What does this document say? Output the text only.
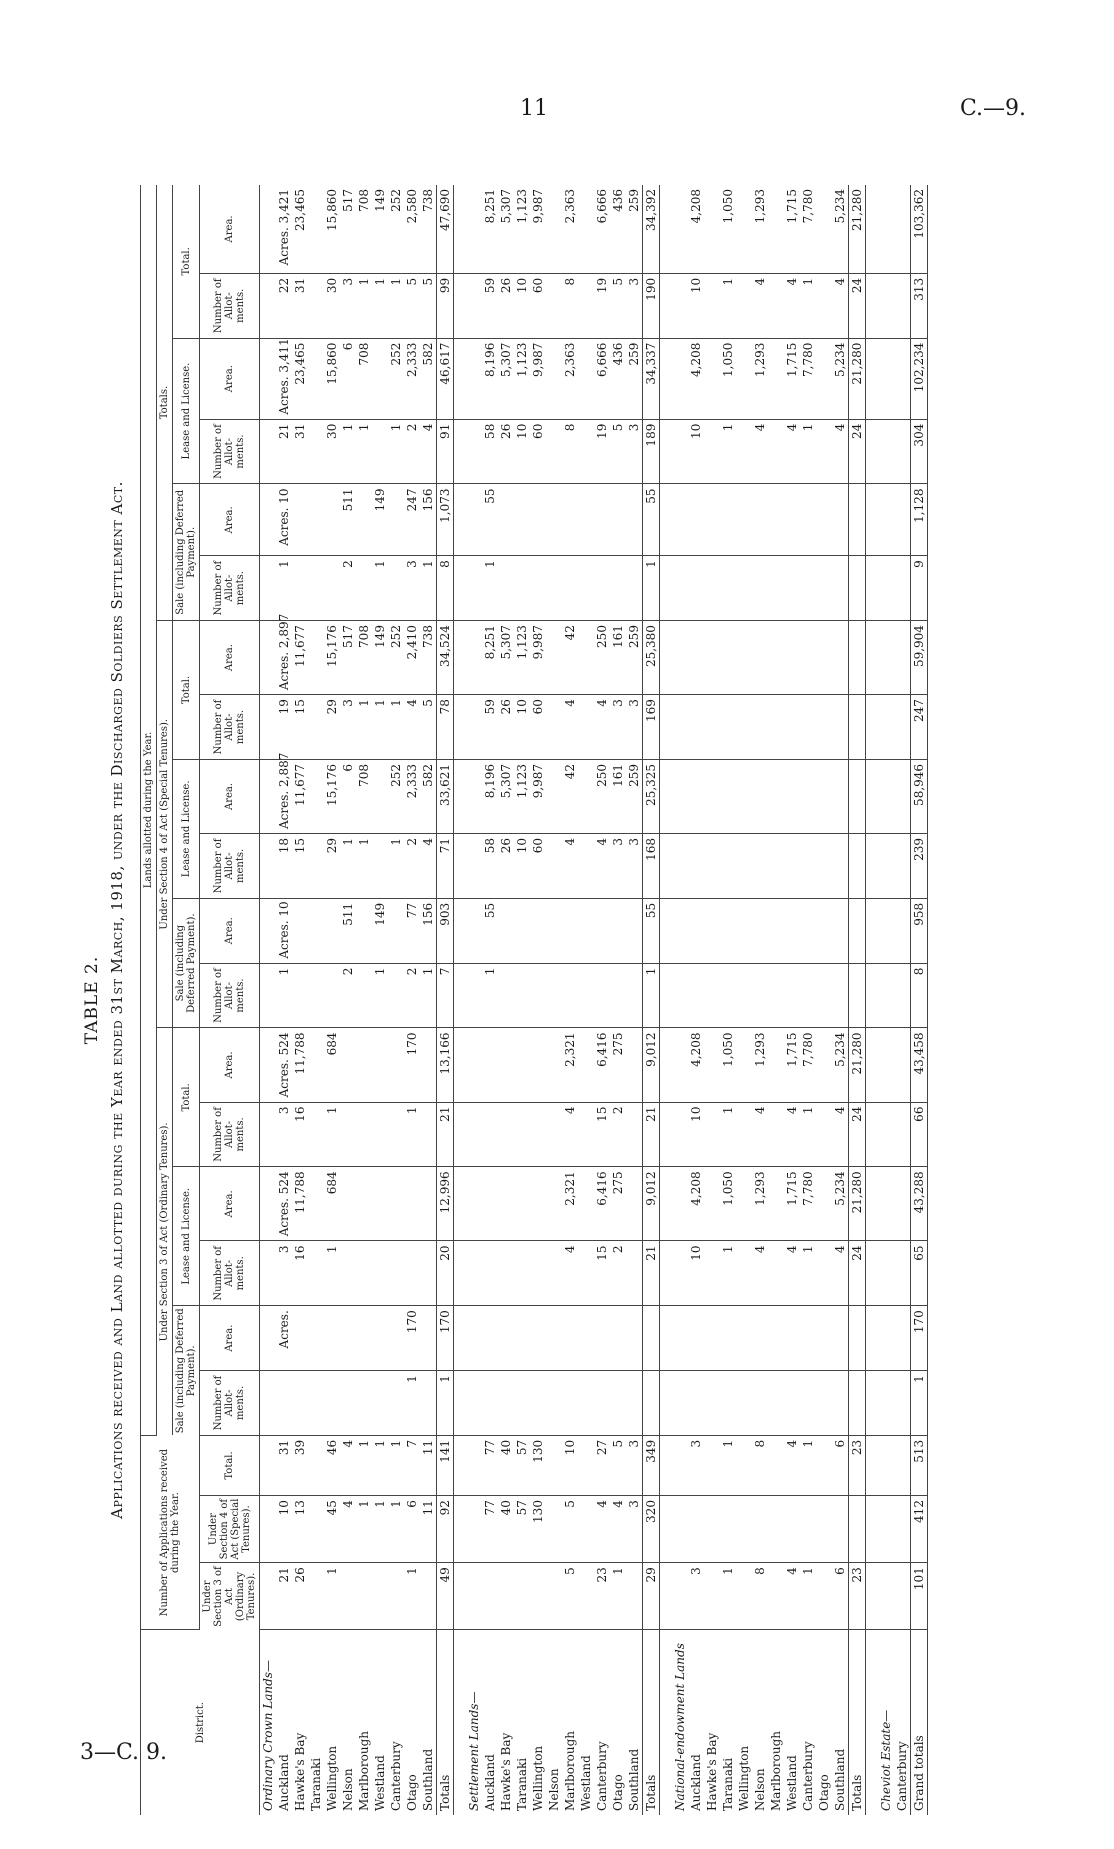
11	C.—9.
3—C. 9.
TABLE 2. Applications received and Land allotted during the Year ended 31st March, 1918, under the Discharged Soldiers Settlement Act.
District.	Number of Applications received during the Year.			Lands allotted during the Year.																	
				Under Section 3 of Act (Ordinary Tenures).						Under Section 4 of Act (Special Tenures).						Totals.					
				Sale (including Deferred Payment).		Lease and License.		Total.		Sale (including Deferred Payment).		Lease and License.		Total.		Sale (including Deferred Payment).		Lease and License.		Total.	
	Under Section 3 of Act (Ordinary Tenures).	Under Section 4 of Act (Special Tenures).	Total.	Number of Allot-ments.	Area.	Number of Allot-ments.	Area.	Number of Allot-ments.	Area.	Number of Allot-ments.	Area.	Number of Allot-ments.	Area.	Number of Allot-ments.	Area.	Number of Allot-ments.	Area.	Number of Allot-ments.	Area.	Number of Allot-ments.	Area.
Ordinary Crown Lands—																					
Auckland	21	10	31		Acres.	3	Acres. 524	3	Acres. 524	1	Acres. 10	18	Acres. 2,887	19	Acres. 2,897	1	Acres. 10	21	Acres. 3,411	22	Acres. 3,421
Hawke's Bay	26	13	39			16	11,788	16	11,788			15	11,677	15	11,677			31	23,465	31	23,465
Taranaki																					
Wellington	1	45	46			1	684	1	684			29	15,176	29	15,176			30	15,860	30	15,860
Nelson		4	4							2	511	1	6	3	517	2	511	1	6	3	517
Marlborough		1	1									1	708	1	708			1	708	1	708
Westland		1	1							1	149			1	149	1	149			1	149
Canterbury		1	1									1	252	1	252			1	252	1	252
Otago	1	6	7	1	170			1	170	2	77	2	2,333	4	2,410	3	247	2	2,333	5	2,580
Southland		11	11							1	156	4	582	5	738	1	156	4	582	5	738
Totals	49	92	141	1	170	20	12,996	21	13,166	7	903	71	33,621	78	34,524	8	1,073	91	46,617	99	47,690

Settlement Lands—																					
Auckland		77	77							1	55	58	8,196	59	8,251	1	55	58	8,196	59	8,251
Hawke's Bay		40	40									26	5,307	26	5,307			26	5,307	26	5,307
Taranaki		57	57									10	1,123	10	1,123			10	1,123	10	1,123
Wellington		130	130									60	9,987	60	9,987			60	9,987	60	9,987
Nelson																					
Marlborough	5	5	10			4	2,321	4	2,321			4	42	4	42			8	2,363	8	2,363
Westland																					
Canterbury	23	4	27			15	6,416	15	6,416			4	250	4	250			19	6,666	19	6,666
Otago	1	4	5			2	275	2	275			3	161	3	161			5	436	5	436
Southland		3	3									3	259	3	259			3	259	3	259
Totals	29	320	349			21	9,012	21	9,012	1	55	168	25,325	169	25,380	1	55	189	34,337	190	34,392

National-endowment Lands																					
Auckland	3		3			10	4,208	10	4,208									10	4,208	10	4,208
Hawke's Bay																					
Taranaki	1		1			1	1,050	1	1,050									1	1,050	1	1,050
Wellington																					
Nelson	8		8			4	1,293	4	1,293									4	1,293	4	1,293
Marlborough																					
Westland	4		4			4	1,715	4	1,715									4	1,715	4	1,715
Canterbury	1		1			1	7,780	1	7,780									1	7,780	1	7,780
Otago																					
Southland	6		6			4	5,234	4	5,234									4	5,234	4	5,234
Totals	23		23			24	21,280	24	21,280									24	21,280	24	21,280

Cheviot Estate—																					
Canterbury																					
Grand totals	101	412	513	1	170	65	43,288	66	43,458	8	958	239	58,946	247	59,904	9	1,128	304	102,234	313	103,362
